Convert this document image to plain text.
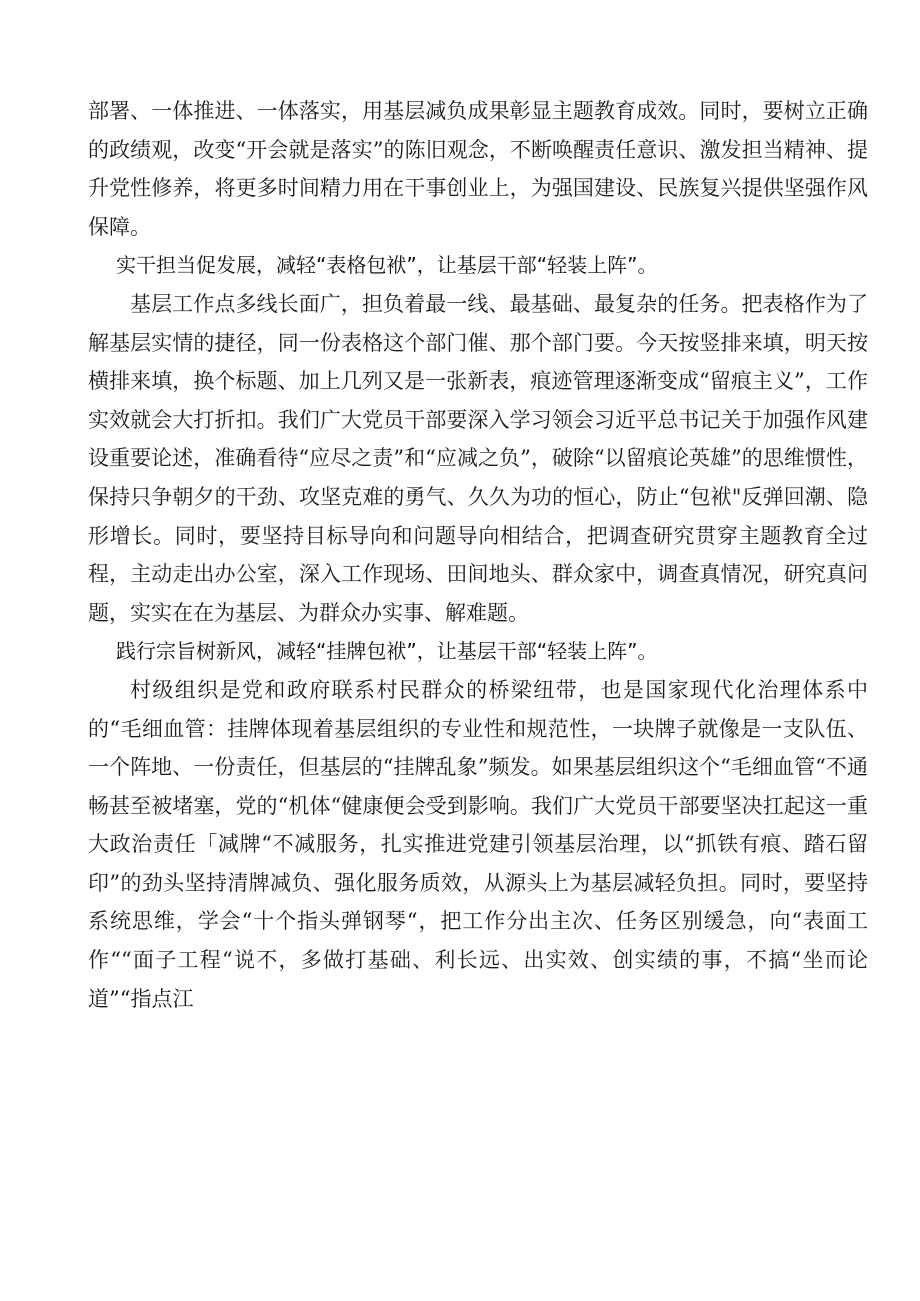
部署、一体推进、一体落实，用基层减负成果彰显主题教育成效。同时，要树立正确的政绩观，改变“开会就是落实”的陈旧观念，不断唤醒责任意识、激发担当精神、提升党性修养，将更多时间精力用在干事创业上，为强国建设、民族复兴提供坚强作风保障。

实干担当促发展，减轻“表格包袱”，让基层干部“轻装上阵”。

基层工作点多线长面广，担负着最一线、最基础、最复杂的任务。把表格作为了解基层实情的捷径，同一份表格这个部门催、那个部门要。今天按竖排来填，明天按横排来填，换个标题、加上几列又是一张新表，痕迹管理逐渐变成“留痕主义”，工作实效就会大打折扣。我们广大党员干部要深入学习领会习近平总书记关于加强作风建设重要论述，准确看待“应尽之责”和“应减之负”，破除“以留痕论英雄”的思维惯性，保持只争朝夕的干劲、攻坚克难的勇气、久久为功的恒心，防止“包袱"反弹回潮、隐形增长。同时，要坚持目标导向和问题导向相结合，把调查研究贯穿主题教育全过程，主动走出办公室，深入工作现场、田间地头、群众家中，调查真情况，研究真问题，实实在在为基层、为群众办实事、解难题。

践行宗旨树新风，减轻“挂牌包袱”，让基层干部“轻装上阵”。

村级组织是党和政府联系村民群众的桥梁纽带，也是国家现代化治理体系中的“毛细血管：挂牌体现着基层组织的专业性和规范性，一块牌子就像是一支队伍、一个阵地、一份责任，但基层的“挂牌乱象”频发。如果基层组织这个“毛细血管“不通畅甚至被堵塞，党的“机体“健康便会受到影响。我们广大党员干部要坚决扛起这一重大政治责任「减牌“不减服务，扎实推进党建引领基层治理，以“抓铁有痕、踏石留印”的劲头坚持清牌减负、强化服务质效，从源头上为基层减轻负担。同时，要坚持系统思维，学会“十个指头弹钢琴“，把工作分出主次、任务区别缓急，向“表面工作““面子工程“说不，多做打基础、利长远、出实效、创实绩的事，不搞“坐而论道”“指点江
